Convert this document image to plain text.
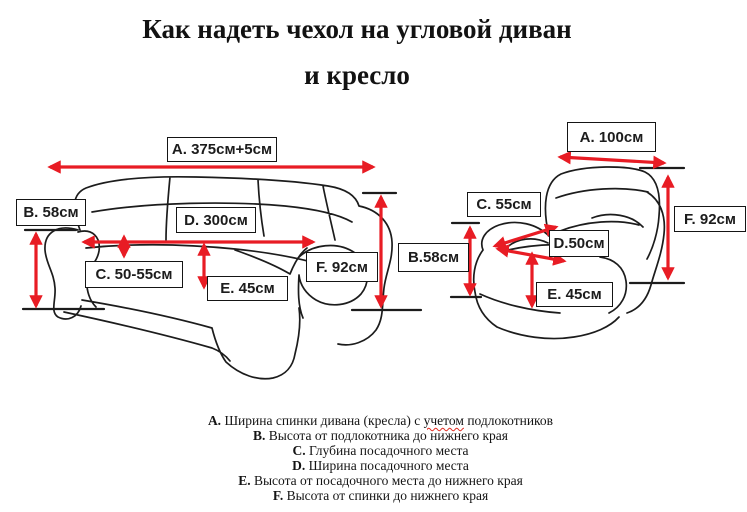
Как надеть чехол на угловой диван
и кресло
A. 375см+5см
B. 58см	D. 300см
C. 50-55см
E. 45см
F. 92см
A. 100см
C. 55см
B.58см
D.50см
E. 45см
F. 92см
A. Ширина спинки дивана (кресла) с учетом подлокотников
B. Высота от подлокотника до нижнего края
C. Глубина посадочного места
D. Ширина посадочного места
E. Высота от посадочного места до нижнего края
F. Высота от спинки до нижнего края
